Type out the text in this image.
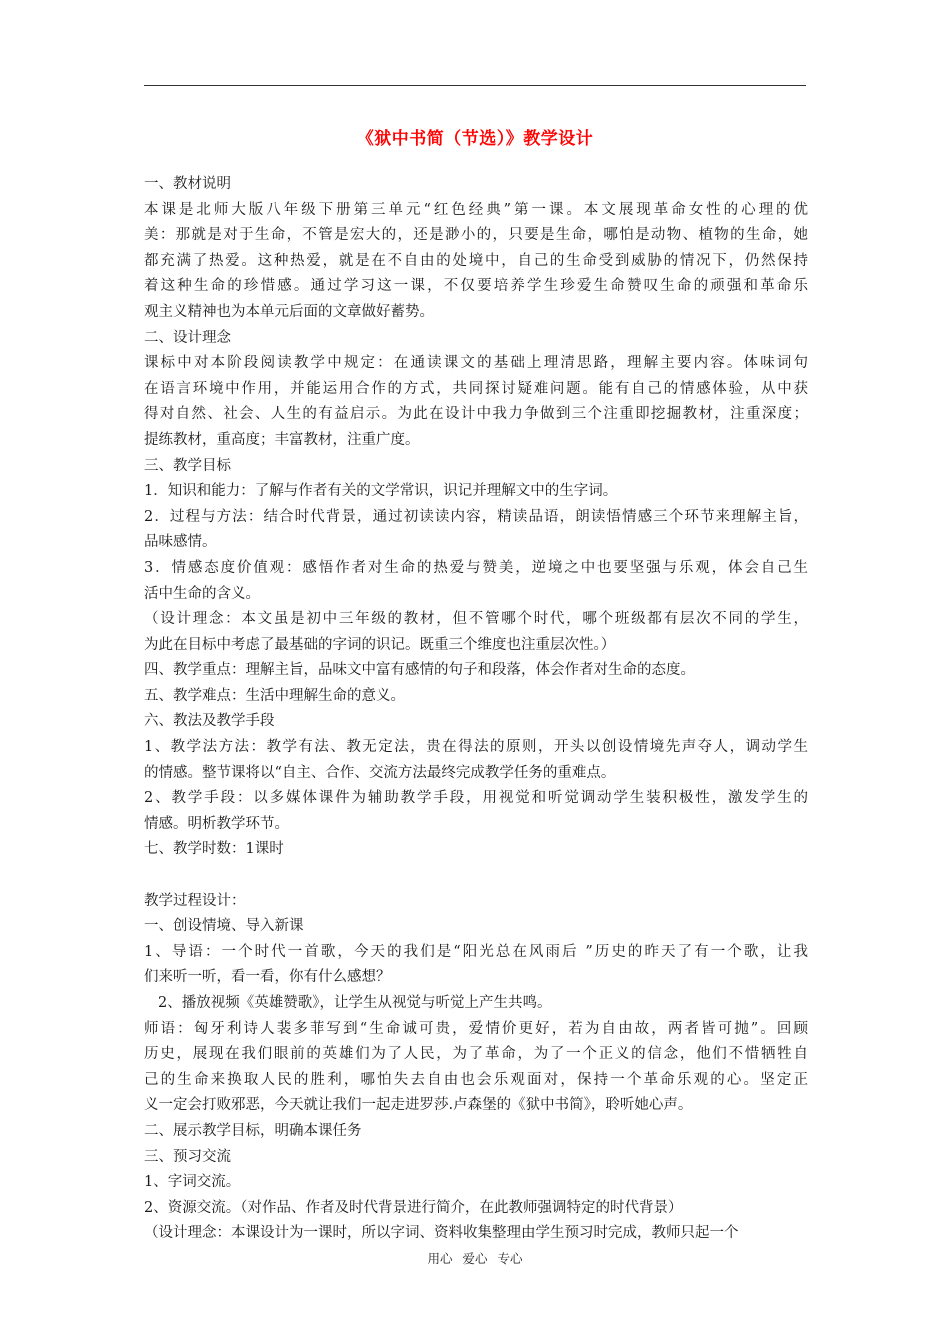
《狱中书简（节选）》教学设计
一、教材说明
本课是北师大版八年级下册第三单元“红色经典”第一课。本文展现革命女性的心理的优
美：那就是对于生命，不管是宏大的，还是渺小的，只要是生命，哪怕是动物、植物的生命，她
都充满了热爱。这种热爱，就是在不自由的处境中，自己的生命受到威胁的情况下，仍然保持
着这种生命的珍惜感。通过学习这一课，不仅要培养学生珍爱生命赞叹生命的顽强和革命乐
观主义精神也为本单元后面的文章做好蓄势。
二、设计理念
课标中对本阶段阅读教学中规定：在通读课文的基础上理清思路，理解主要内容。体味词句
在语言环境中作用，并能运用合作的方式，共同探讨疑难问题。能有自己的情感体验，从中获
得对自然、社会、人生的有益启示。为此在设计中我力争做到三个注重即挖掘教材，注重深度；
提练教材，重高度；丰富教材，注重广度。
三、教学目标
1．知识和能力：了解与作者有关的文学常识，识记并理解文中的生字词。
2．过程与方法：结合时代背景，通过初读读内容，精读品语，朗读悟情感三个环节来理解主旨，
品味感情。
3．情感态度价值观：感悟作者对生命的热爱与赞美，逆境之中也要坚强与乐观，体会自己生
活中生命的含义。
（设计理念：本文虽是初中三年级的教材，但不管哪个时代，哪个班级都有层次不同的学生，
为此在目标中考虑了最基础的字词的识记。既重三个维度也注重层次性。）
四、教学重点：理解主旨，品味文中富有感情的句子和段落，体会作者对生命的态度。
五、教学难点：生活中理解生命的意义。
六、教法及教学手段
1、教学法方法：教学有法、教无定法，贵在得法的原则，开头以创设情境先声夺人，调动学生
的情感。整节课将以“自主、合作、交流方法最终完成教学任务的重难点。
2、教学手段：以多媒体课件为辅助教学手段，用视觉和听觉调动学生装积极性，激发学生的
情感。明析教学环节。
七、教学时数：1课时
教学过程设计：
一、创设情境、导入新课
1、导语：一个时代一首歌，今天的我们是“阳光总在风雨后 ”历史的昨天了有一个歌，让我
们来听一听，看一看，你有什么感想？
2、播放视频《英雄赞歌》，让学生从视觉与听觉上产生共鸣。
师语：匈牙利诗人裴多菲写到“生命诚可贵，爱情价更好，若为自由故，两者皆可抛”。回顾
历史，展现在我们眼前的英雄们为了人民，为了革命，为了一个正义的信念，他们不惜牺牲自
己的生命来换取人民的胜利，哪怕失去自由也会乐观面对，保持一个革命乐观的心。坚定正
义一定会打败邪恶，今天就让我们一起走进罗莎.卢森堡的《狱中书简》，聆听她心声。
二、展示教学目标，明确本课任务
三、预习交流
1、字词交流。
2、资源交流。（对作品、作者及时代背景进行简介，在此教师强调特定的时代背景）
（设计理念：本课设计为一课时，所以字词、资料收集整理由学生预习时完成，教师只起一个
用心 爱心 专心
